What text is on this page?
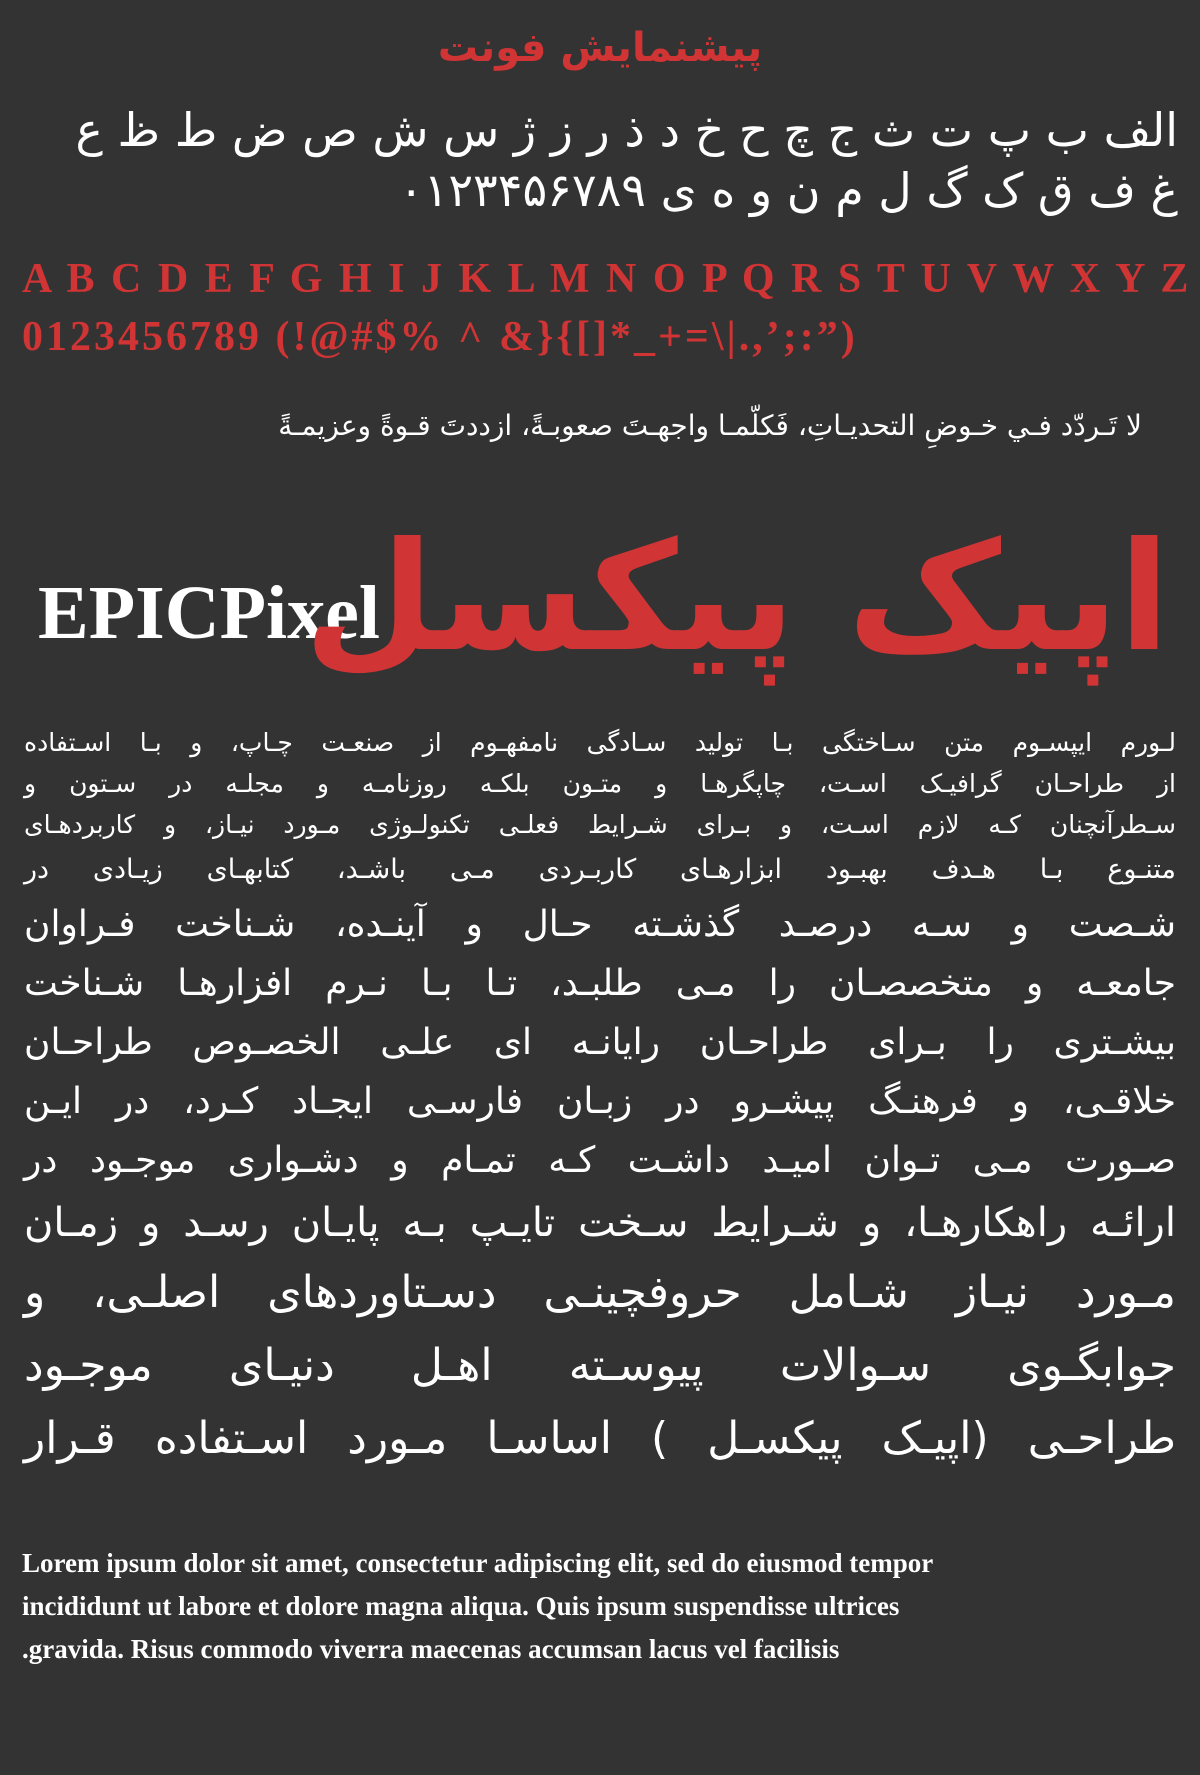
پیشنمایش فونت
الف ب پ ت ث ج چ ح خ د ذ ر ز ژ س ش ص ض ط ظ ع
غ ف ق ک گ ل م ن و ه ی ۰۱۲۳۴۵۶۷۸۹
A B C D E F G H I J K L M N O P Q R S T U V W X Y Z
0123456789 (!@#$% ^ &}{[]*_+=\|.,’;:”)
لا تَـردّد فـي خـوضِ التحديـاتِ، فَكلّمـا واجهـتَ صعوبـةً، ازددتَ قـوةً وعزيمـةً
EPICPixel
اپیک پیکسل
لـورم ایپسـوم متن سـاختگی بـا تولید سـادگی نامفهـوم از صنعـت چـاپ، و بـا اسـتفاده
از طراحـان گرافیـک اسـت، چاپگرهـا و متـون بلکـه روزنامـه و مجلـه در سـتون و
سـطرآنچنان کـه لازم اسـت، و بـرای شـرایط فعلـی تکنولـوژی مـورد نیـاز، و کاربردهـای
متنـوع بـا هـدف بهبـود ابزارهـای کاربـردی مـی باشـد، کتابهـای زیـادی در
شـصت و سـه درصـد گذشـته حـال و آینـده، شـناخت فـراوان
جامعـه و متخصصـان را مـی طلبـد، تـا بـا نـرم افزارهـا شـناخت
بیشـتری را بـرای طراحـان رایانـه ای علـی الخصـوص طراحـان
خلاقـی، و فرهنـگ پیشـرو در زبـان فارسـی ایجـاد کـرد، در ایـن
صـورت مـی تـوان امیـد داشـت کـه تمـام و دشـواری موجـود در
ارائـه راهکارهـا، و شـرایط سـخت تایـپ بـه پایـان رسـد و زمـان
مـورد نیـاز شـامل حروفچینـی دسـتاوردهای اصلـی، و
جوابگـوی سـوالات پیوسـته اهـل دنیـای موجـود
طراحـی (اپیـک پیکسـل ) اساسـا مـورد اسـتفاده قـرار
Lorem ipsum dolor sit amet, consectetur adipiscing elit, sed do eiusmod tempor
incididunt ut labore et dolore magna aliqua. Quis ipsum suspendisse ultrices
.gravida. Risus commodo viverra maecenas accumsan lacus vel facilisis
